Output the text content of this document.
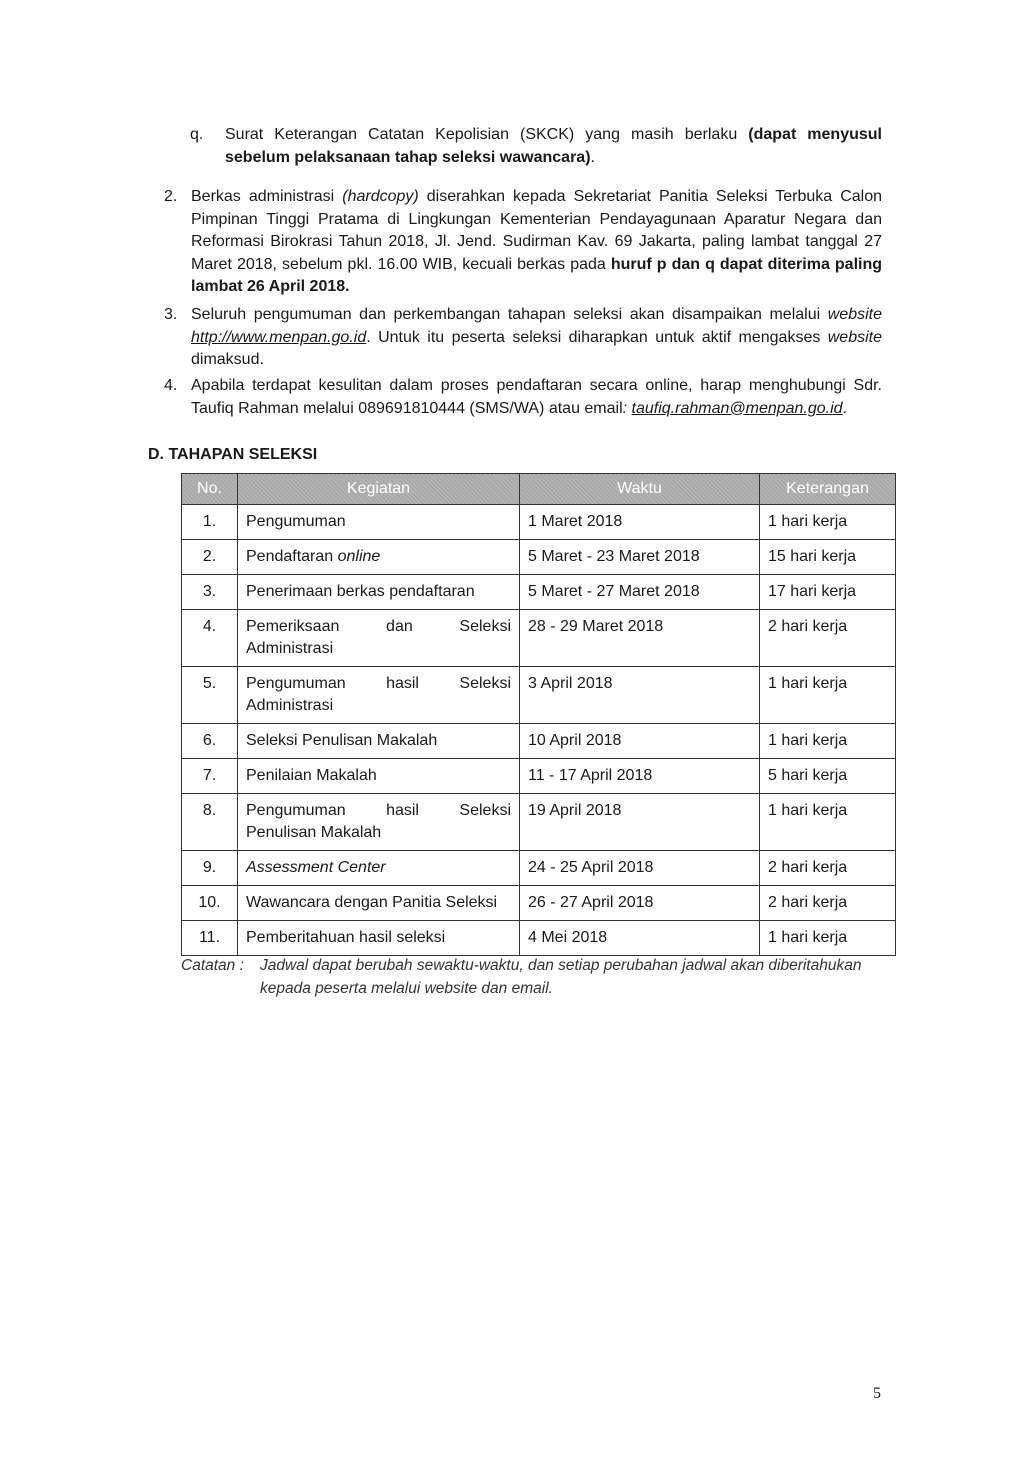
q. Surat Keterangan Catatan Kepolisian (SKCK) yang masih berlaku (dapat menyusul sebelum pelaksanaan tahap seleksi wawancara).
2. Berkas administrasi (hardcopy) diserahkan kepada Sekretariat Panitia Seleksi Terbuka Calon Pimpinan Tinggi Pratama di Lingkungan Kementerian Pendayagunaan Aparatur Negara dan Reformasi Birokrasi Tahun 2018, Jl. Jend. Sudirman Kav. 69 Jakarta, paling lambat tanggal 27 Maret 2018, sebelum pkl. 16.00 WIB, kecuali berkas pada huruf p dan q dapat diterima paling lambat 26 April 2018.
3. Seluruh pengumuman dan perkembangan tahapan seleksi akan disampaikan melalui website http://www.menpan.go.id. Untuk itu peserta seleksi diharapkan untuk aktif mengakses website dimaksud.
4. Apabila terdapat kesulitan dalam proses pendaftaran secara online, harap menghubungi Sdr. Taufiq Rahman melalui 089691810444 (SMS/WA) atau email: taufiq.rahman@menpan.go.id.
D. TAHAPAN SELEKSI
No.	Kegiatan	Waktu	Keterangan
1.	Pengumuman	1 Maret 2018	1 hari kerja
2.	Pendaftaran online	5 Maret - 23 Maret 2018	15 hari kerja
3.	Penerimaan berkas pendaftaran	5 Maret - 27 Maret 2018	17 hari kerja
4.	Pemeriksaan dan Seleksi Administrasi	28 - 29 Maret 2018	2 hari kerja
5.	Pengumuman hasil Seleksi Administrasi	3 April 2018	1 hari kerja
6.	Seleksi Penulisan Makalah	10 April 2018	1 hari kerja
7.	Penilaian Makalah	11 - 17 April 2018	5 hari kerja
8.	Pengumuman hasil Seleksi Penulisan Makalah	19 April 2018	1 hari kerja
9.	Assessment Center	24 - 25 April 2018	2 hari kerja
10.	Wawancara dengan Panitia Seleksi	26 - 27 April 2018	2 hari kerja
11.	Pemberitahuan hasil seleksi	4 Mei 2018	1 hari kerja
Catatan : Jadwal dapat berubah sewaktu-waktu, dan setiap perubahan jadwal akan diberitahukan kepada peserta melalui website dan email.
5
